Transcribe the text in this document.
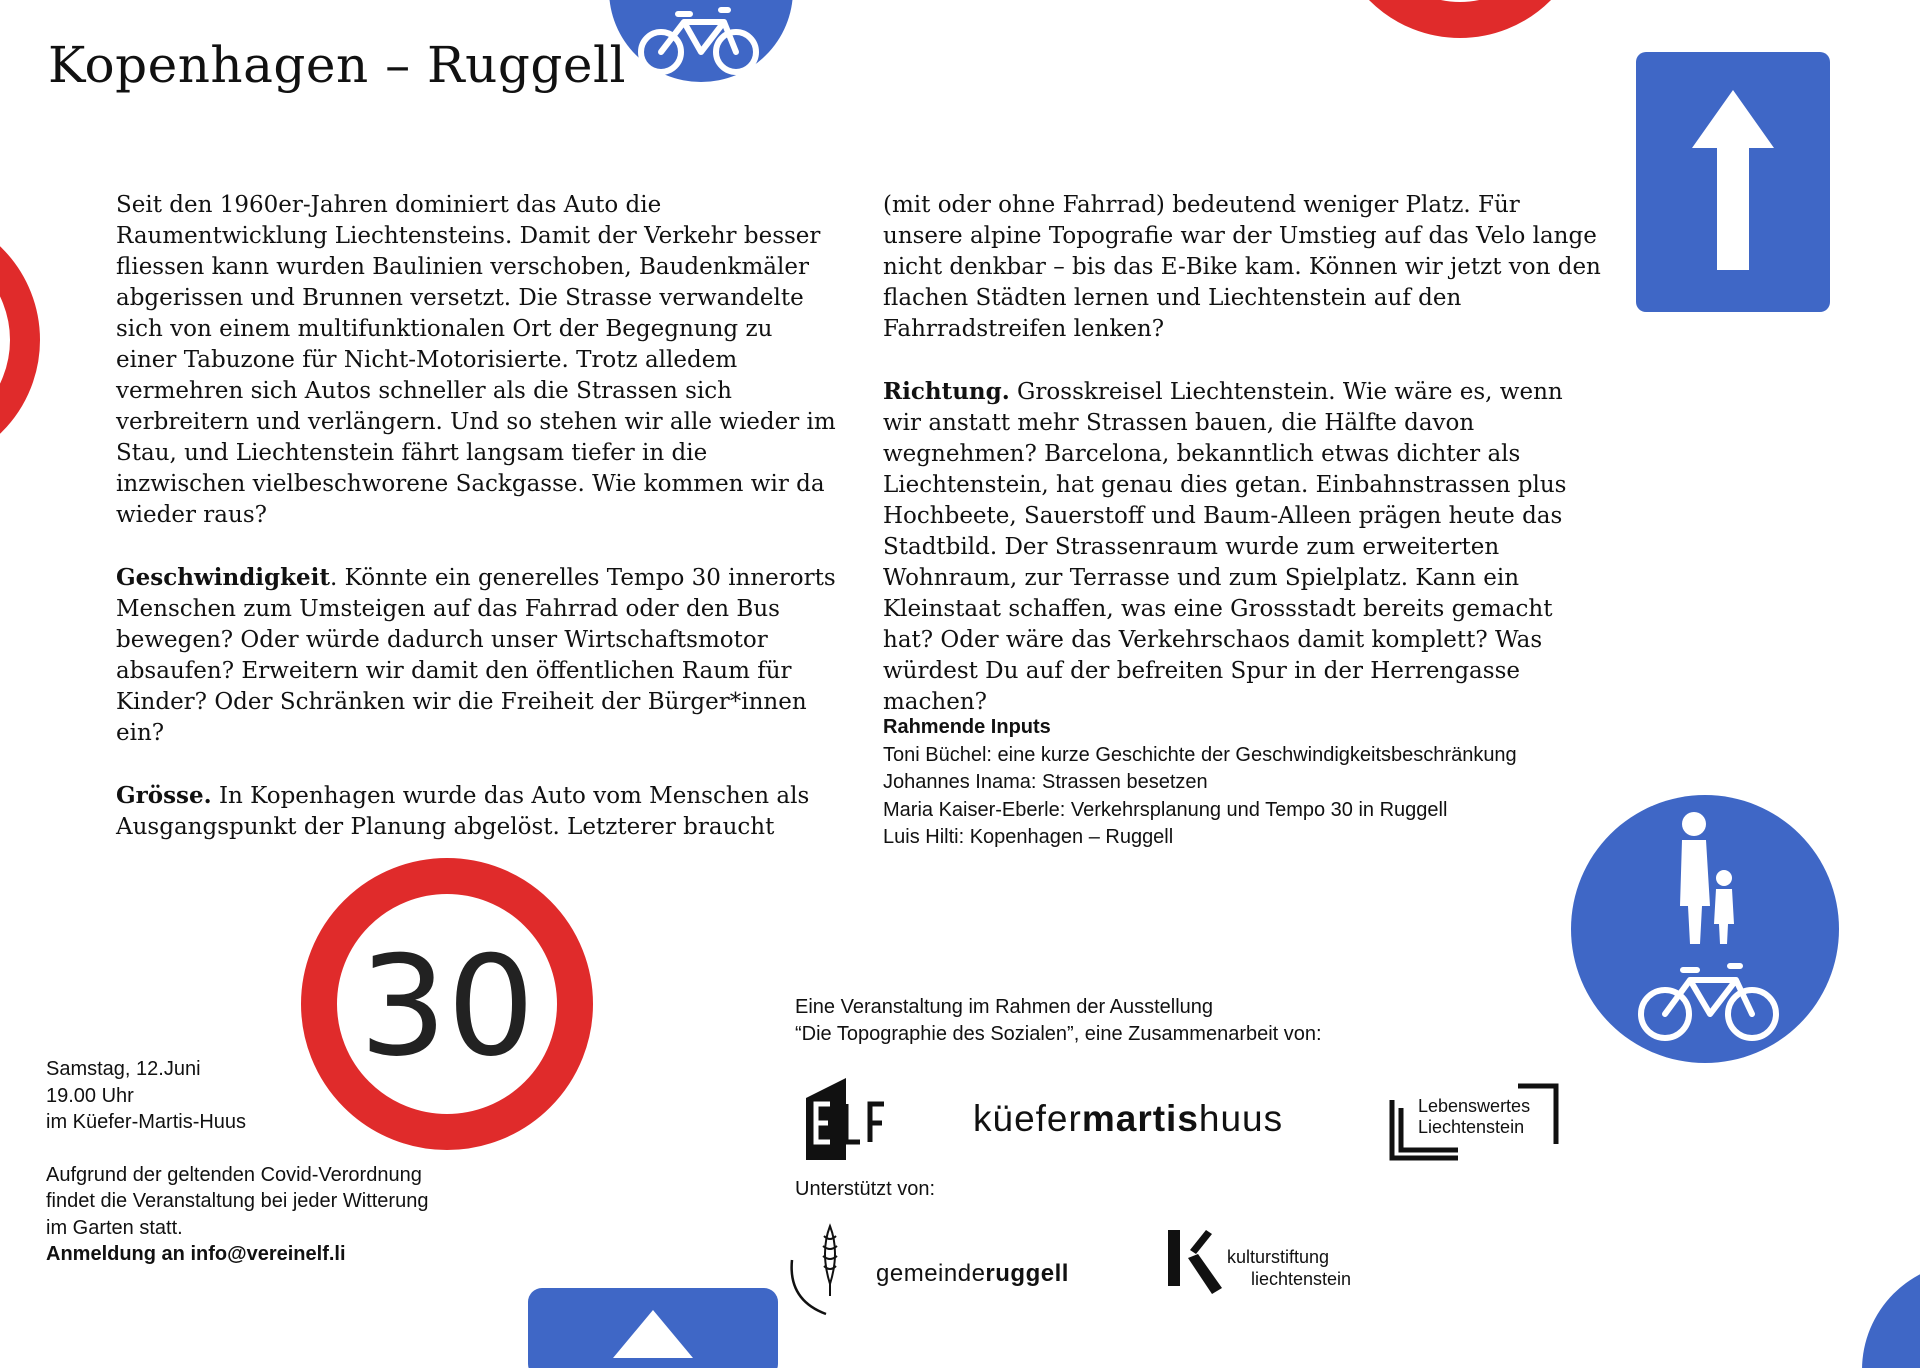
30
Kopenhagen – Ruggell

Seit den 1960er-Jahren dominiert das Auto die Raumentwicklung Liechtensteins. Damit der Verkehr besser fliessen kann wurden Baulinien verschoben, Baudenkmäler abgerissen und Brunnen versetzt. Die Strasse verwandelte sich von einem multifunktionalen Ort der Begegnung zu einer Tabuzone für Nicht-Motorisierte. Trotz alledem vermehren sich Autos schneller als die Strassen sich verbreitern und verlängern. Und so stehen wir alle wieder im Stau, und Liechtenstein fährt langsam tiefer in die inzwischen vielbeschworene Sackgasse. Wie kommen wir da wieder raus?

Geschwindigkeit. Könnte ein generelles Tempo 30 innerorts Menschen zum Umsteigen auf das Fahrrad oder den Bus bewegen? Oder würde dadurch unser Wirtschaftsmotor absaufen? Erweitern wir damit den öffentlichen Raum für Kinder? Oder Schränken wir die Freiheit der Bürger*innen ein?

Grösse. In Kopenhagen wurde das Auto vom Menschen als Ausgangspunkt der Planung abgelöst. Letzterer braucht

(mit oder ohne Fahrrad) bedeutend weniger Platz. Für unsere alpine Topografie war der Umstieg auf das Velo lange nicht denkbar – bis das E-Bike kam. Können wir jetzt von den flachen Städten lernen und Liechtenstein auf den Fahrradstreifen lenken?

Richtung. Grosskreisel Liechtenstein. Wie wäre es, wenn wir anstatt mehr Strassen bauen, die Hälfte davon wegnehmen? Barcelona, bekanntlich etwas dichter als Liechtenstein, hat genau dies getan. Einbahnstrassen plus Hochbeete, Sauerstoff und Baum-Alleen prägen heute das Stadtbild. Der Strassenraum wurde zum erweiterten Wohnraum, zur Terrasse und zum Spielplatz. Kann ein Kleinstaat schaffen, was eine Grossstadt bereits gemacht hat? Oder wäre das Verkehrschaos damit komplett? Was würdest Du auf der befreiten Spur in der Herrengasse machen?

Rahmende Inputs
Toni Büchel: eine kurze Geschichte der Geschwindigkeitsbeschränkung
Johannes Inama: Strassen besetzen
Maria Kaiser-Eberle: Verkehrsplanung und Tempo 30 in Ruggell
Luis Hilti: Kopenhagen – Ruggell
Samstag, 12.Juni
19.00 Uhr
im Küefer-Martis-Huus
Aufgrund der geltenden Covid-Verordnung
findet die Veranstaltung bei jeder Witterung
im Garten statt.
Anmeldung an info@vereinelf.li
Eine Veranstaltung im Rahmen der Ausstellung
“Die Topographie des Sozialen”, eine Zusammenarbeit von:
küefermartishuus	Lebenswertes
Liechtenstein
Unterstützt von:
gemeinderuggell
kulturstiftung
liechtenstein
